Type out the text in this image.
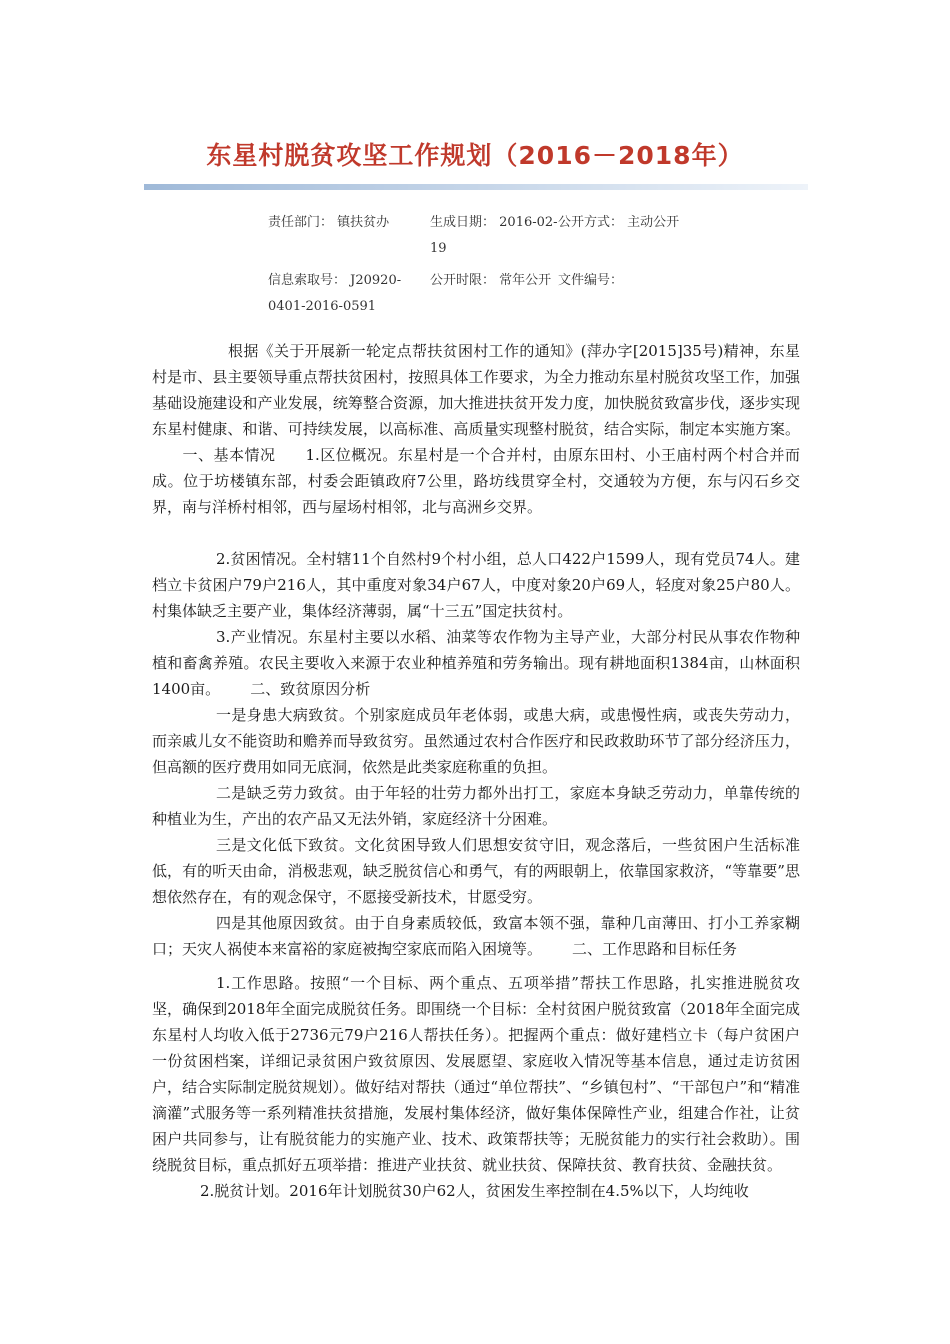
东星村脱贫攻坚工作规划（2016－2018年）
责任部门： 镇扶贫办	生成日期： 2016-02-19
公开方式： 主动公开
信息索取号： J20920-0401-2016-0591
公开时限： 常年公开 文件编号：

根据《关于开展新一轮定点帮扶贫困村工作的通知》(萍办字[2015]35号)精神，东星村是市、县主要领导重点帮扶贫困村，按照具体工作要求，为全力推动东星村脱贫攻坚工作，加强基础设施建设和产业发展，统筹整合资源，加大推进扶贫开发力度，加快脱贫致富步伐，逐步实现东星村健康、和谐、可持续发展，以高标准、高质量实现整村脱贫，结合实际，制定本实施方案。一、基本情况 1.区位概况。东星村是一个合并村，由原东田村、小王庙村两个村合并而成。位于坊楼镇东部，村委会距镇政府7公里，路坊线贯穿全村，交通较为方便，东与闪石乡交界，南与洋桥村相邻，西与屋场村相邻，北与高洲乡交界。

2.贫困情况。全村辖11个自然村9个村小组，总人口422户1599人，现有党员74人。建档立卡贫困户79户216人，其中重度对象34户67人，中度对象20户69人，轻度对象25户80人。村集体缺乏主要产业，集体经济薄弱，属“十三五”国定扶贫村。

3.产业情况。东星村主要以水稻、油菜等农作物为主导产业，大部分村民从事农作物种植和畜禽养殖。农民主要收入来源于农业种植养殖和劳务输出。现有耕地面积1384亩，山林面积1400亩。 二、致贫原因分析

一是身患大病致贫。个别家庭成员年老体弱，或患大病，或患慢性病，或丧失劳动力，而亲戚儿女不能资助和赡养而导致贫穷。虽然通过农村合作医疗和民政救助环节了部分经济压力，但高额的医疗费用如同无底洞，依然是此类家庭称重的负担。

二是缺乏劳力致贫。由于年轻的壮劳力都外出打工，家庭本身缺乏劳动力，单靠传统的种植业为生，产出的农产品又无法外销，家庭经济十分困难。

三是文化低下致贫。文化贫困导致人们思想安贫守旧，观念落后，一些贫困户生活标准低，有的听天由命，消极悲观，缺乏脱贫信心和勇气，有的两眼朝上，依靠国家救济，“等靠要”思想依然存在，有的观念保守，不愿接受新技术，甘愿受穷。

四是其他原因致贫。由于自身素质较低，致富本领不强，靠种几亩薄田、打小工养家糊口；天灾人祸使本来富裕的家庭被掏空家底而陷入困境等。 二、工作思路和目标任务

1.工作思路。按照“一个目标、两个重点、五项举措”帮扶工作思路，扎实推进脱贫攻坚，确保到2018年全面完成脱贫任务。即围绕一个目标：全村贫困户脱贫致富（2018年全面完成东星村人均收入低于2736元79户216人帮扶任务）。把握两个重点：做好建档立卡（每户贫困户一份贫困档案，详细记录贫困户致贫原因、发展愿望、家庭收入情况等基本信息，通过走访贫困户，结合实际制定脱贫规划）。做好结对帮扶（通过“单位帮扶”、“乡镇包村”、“干部包户”和“精准滴灌”式服务等一系列精准扶贫措施，发展村集体经济，做好集体保障性产业，组建合作社，让贫困户共同参与，让有脱贫能力的实施产业、技术、政策帮扶等；无脱贫能力的实行社会救助）。围绕脱贫目标，重点抓好五项举措：推进产业扶贫、就业扶贫、保障扶贫、教育扶贫、金融扶贫。

2.脱贫计划。2016年计划脱贫30户62人，贫困发生率控制在4.5%以下，人均纯收
